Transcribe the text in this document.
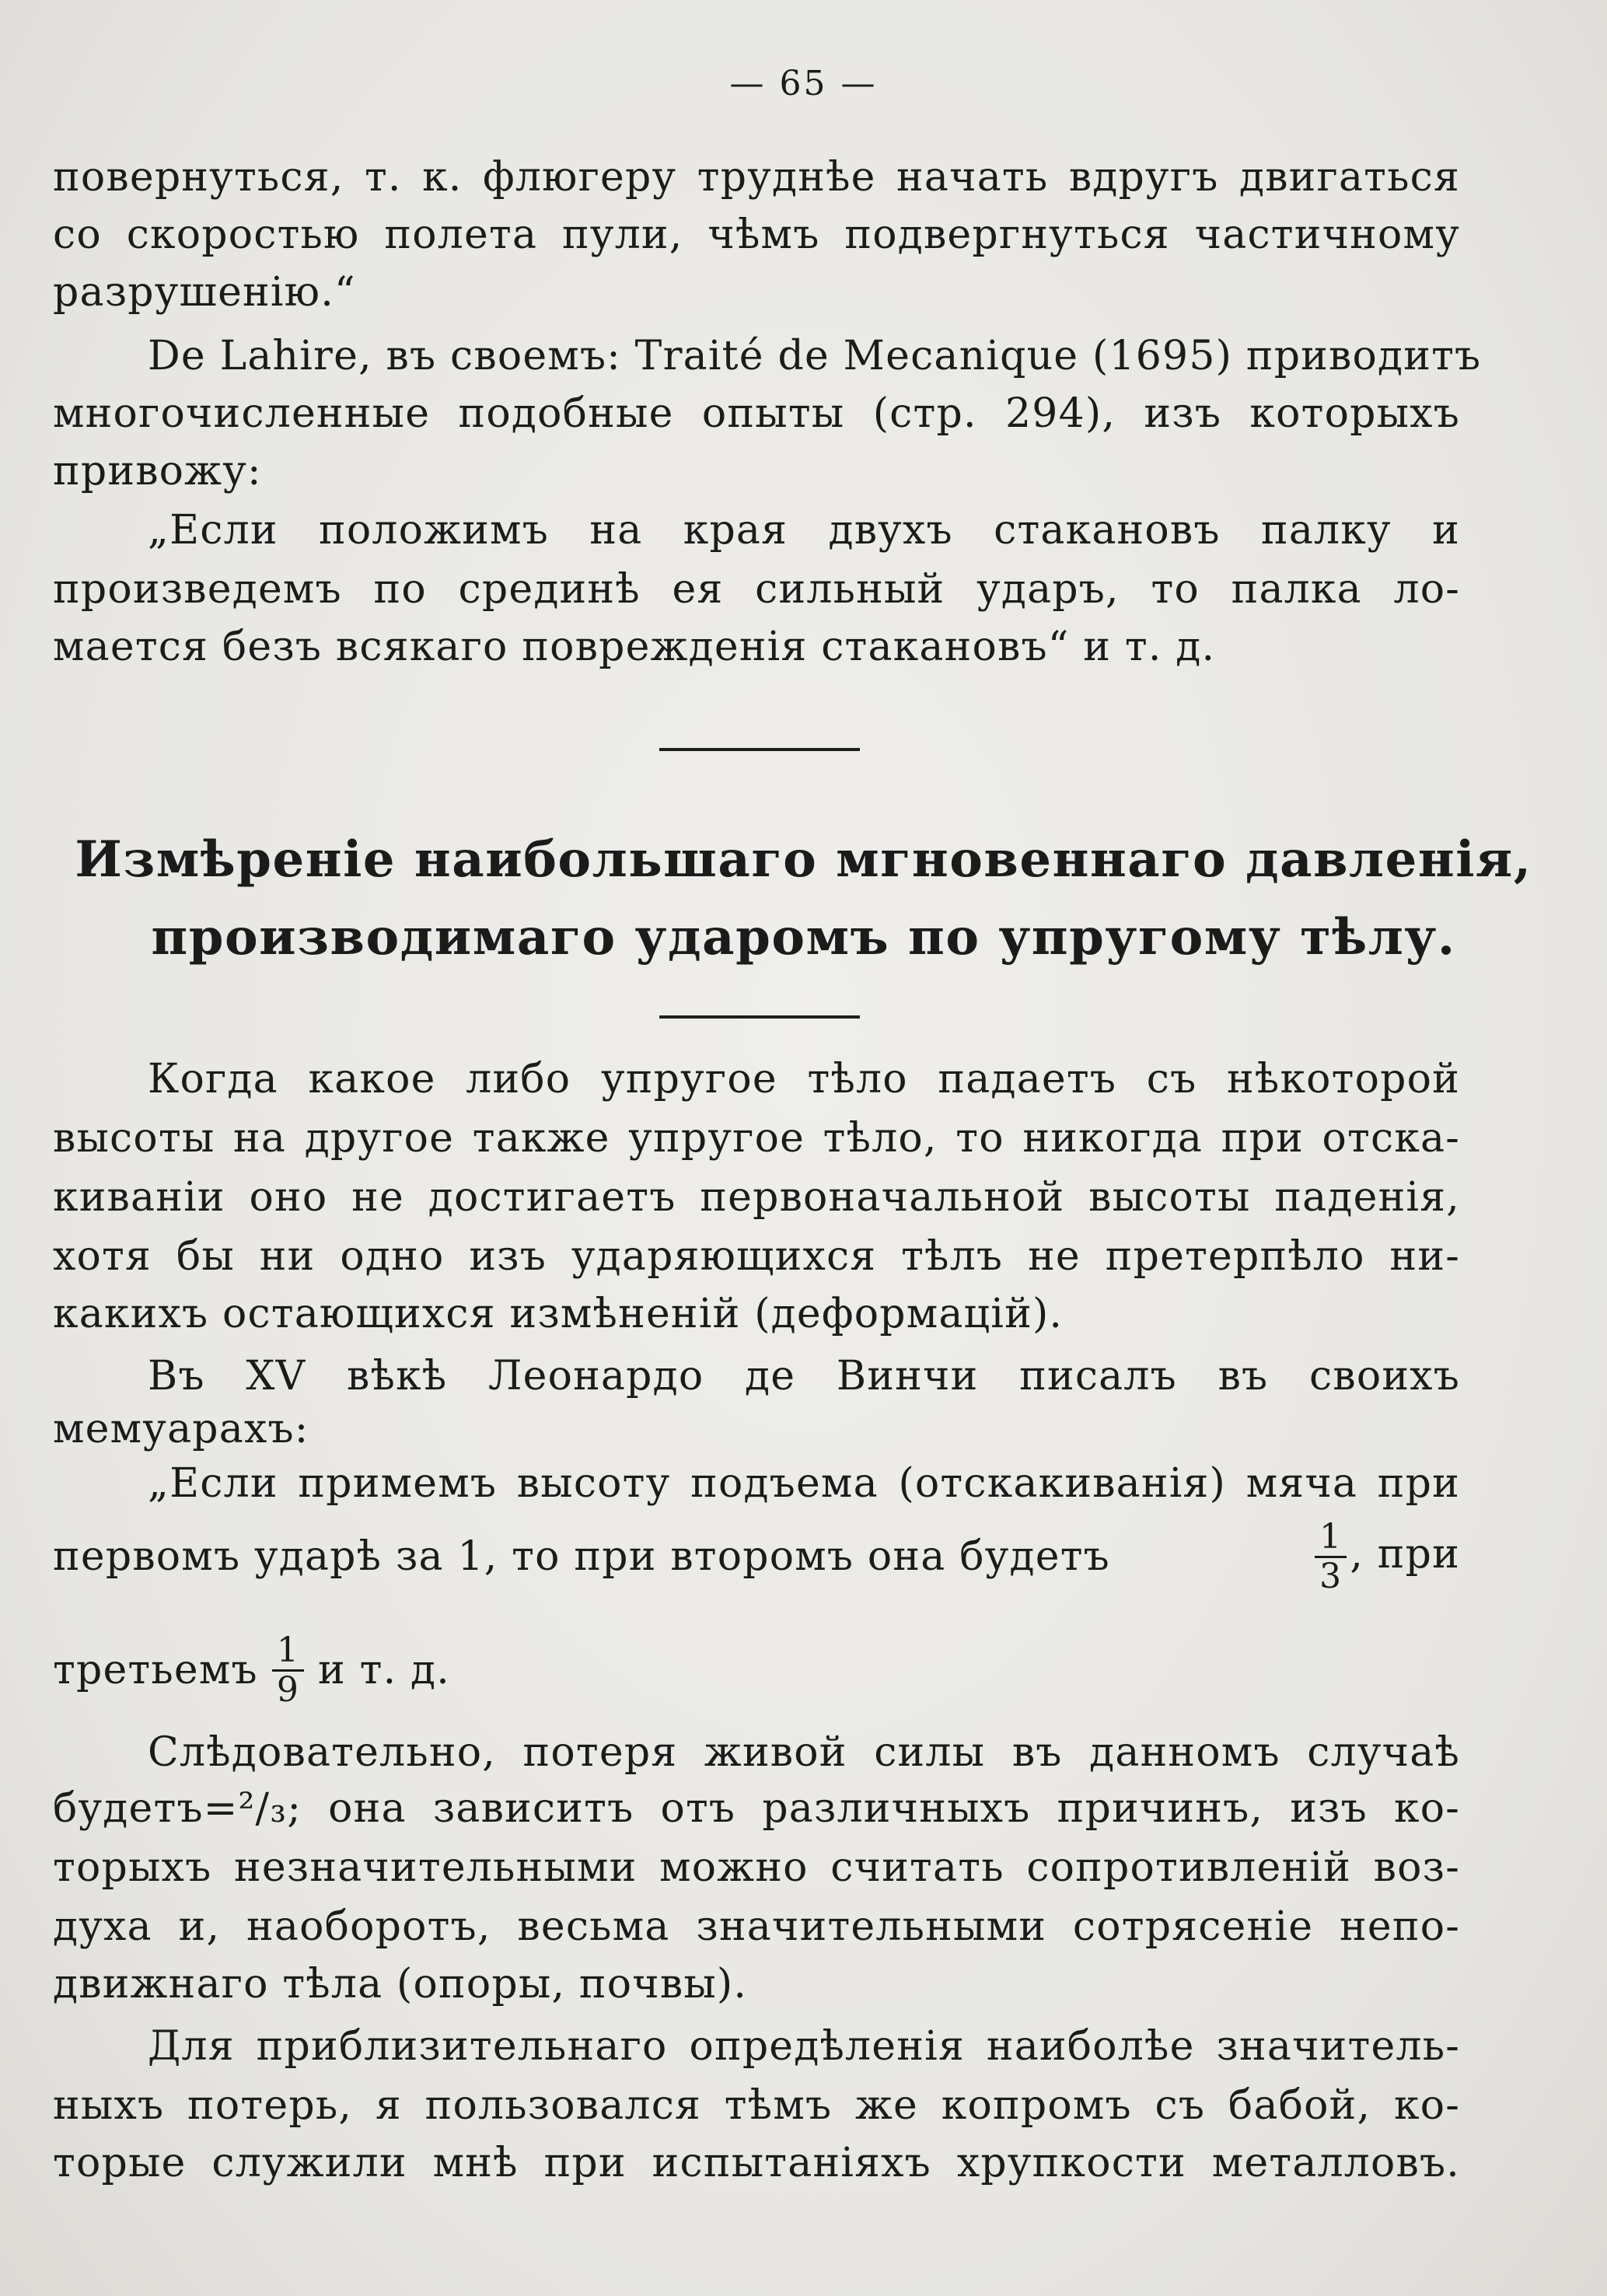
— 65 —

повернуться, т. к. флюгеру труднѣе начать вдругъ двигаться

со скоростью полета пули, чѣмъ подвергнуться частичному

разрушенію.“

De Lahire, въ своемъ: Traité de Mecanique (1695) приводитъ

многочисленные подобные опыты (стр. 294), изъ которыхъ

привожу:

„Если положимъ на края двухъ стакановъ палку и

произведемъ по срединѣ ея сильный ударъ, то палка ло-

мается безъ всякаго поврежденія стакановъ“ и т. д.

Измѣреніе наибольшаго мгновеннаго давленія,
производимаго ударомъ по упругому тѣлу.

Когда какое либо упругое тѣло падаетъ съ нѣкоторой

высоты на другое также упругое тѣло, то никогда при отска-

киваніи оно не достигаетъ первоначальной высоты паденія,

хотя бы ни одно изъ ударяющихся тѣлъ не претерпѣло ни-

какихъ остающихся измѣненій (деформацій).

Въ XV вѣкѣ Леонардо де Винчи писалъ въ своихъ

мемуарахъ:

„Если примемъ высоту подъема (отскакиванія) мяча при

первомъ ударѣ за 1, то при второмъ она будетъ	$\frac{1}{3}$ , при
третьемъ $\frac{1}{9}$ и т. д.

Слѣдовательно, потеря живой силы въ данномъ случаѣ

будетъ=²/₃; она зависитъ отъ различныхъ причинъ, изъ ко-

торыхъ незначительными можно считать сопротивленій воз-

духа и, наоборотъ, весьма значительными сотрясеніе непо-

движнаго тѣла (опоры, почвы).

Для приблизительнаго опредѣленія наиболѣе значитель-

ныхъ потерь, я пользовался тѣмъ же копромъ съ бабой, ко-

торые служили мнѣ при испытаніяхъ хрупкости металловъ.
